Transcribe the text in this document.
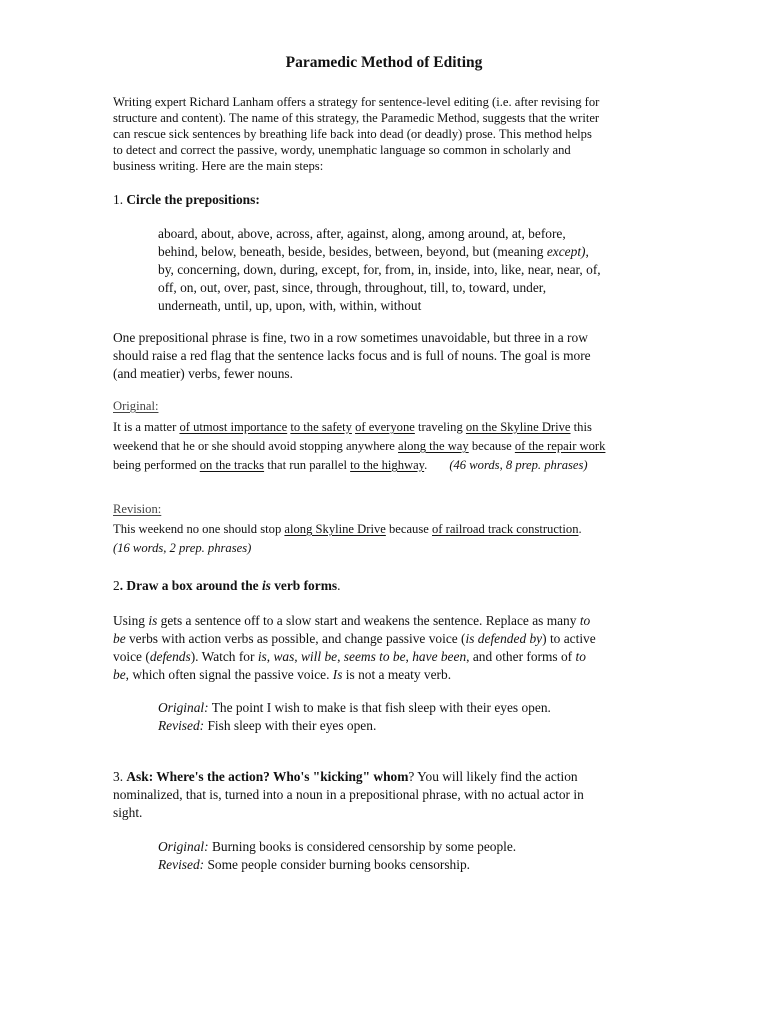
Paramedic Method of Editing
Writing expert Richard Lanham offers a strategy for sentence-level editing (i.e. after revising for
structure and content). The name of this strategy, the Paramedic Method, suggests that the writer
can rescue sick sentences by breathing life back into dead (or deadly) prose. This method helps
to detect and correct the passive, wordy, unemphatic language so common in scholarly and
business writing. Here are the main steps:
1. Circle the prepositions:
aboard, about, above, across, after, against, along, among around, at, before,
behind, below, beneath, beside, besides, between, beyond, but (meaning except),
by, concerning, down, during, except, for, from, in, inside, into, like, near, near, of,
off, on, out, over, past, since, through, throughout, till, to, toward, under,
underneath, until, up, upon, with, within, without
One prepositional phrase is fine, two in a row sometimes unavoidable, but three in a row
should raise a red flag that the sentence lacks focus and is full of nouns. The goal is more
(and meatier) verbs, fewer nouns.
Original:
It is a matter of utmost importance to the safety of everyone traveling on the Skyline Drive this
weekend that he or she should avoid stopping anywhere along the way because of the repair work
being performed on the tracks that run parallel to the highway. (46 words, 8 prep. phrases)
Revision:
This weekend no one should stop along Skyline Drive because of railroad track construction.
(16 words, 2 prep. phrases)
2. Draw a box around the is verb forms.
Using is gets a sentence off to a slow start and weakens the sentence. Replace as many to
be verbs with action verbs as possible, and change passive voice (is defended by) to active
voice (defends). Watch for is, was, will be, seems to be, have been, and other forms of to
be, which often signal the passive voice. Is is not a meaty verb.
Original: The point I wish to make is that fish sleep with their eyes open.
Revised: Fish sleep with their eyes open.
3. Ask: Where's the action? Who's "kicking" whom? You will likely find the action
nominalized, that is, turned into a noun in a prepositional phrase, with no actual actor in
sight.
Original: Burning books is considered censorship by some people.
Revised: Some people consider burning books censorship.
